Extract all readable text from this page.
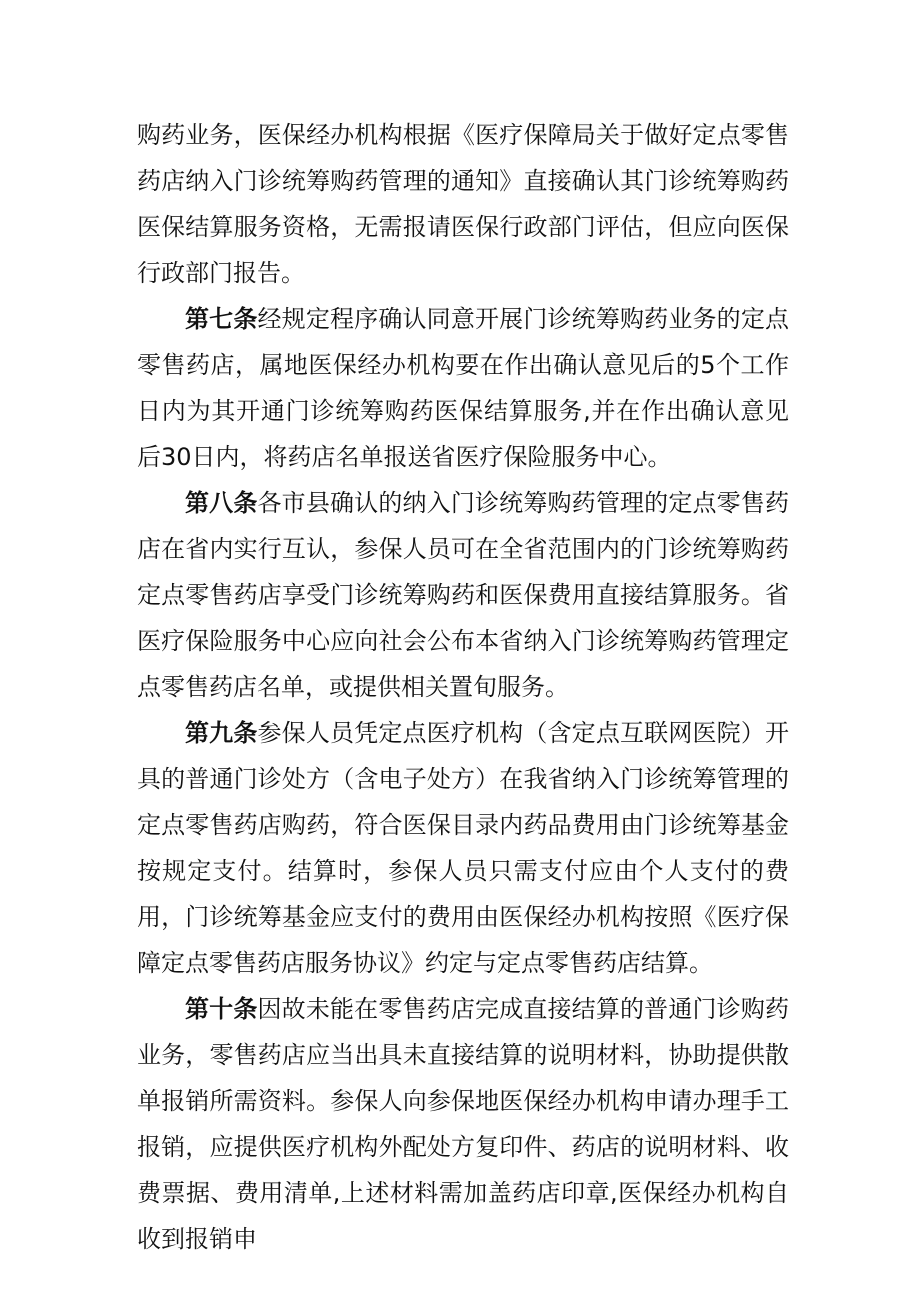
购药业务，医保经办机构根据《医疗保障局关于做好定点零售药店纳入门诊统筹购药管理的通知》直接确认其门诊统筹购药医保结算服务资格，无需报请医保行政部门评估，但应向医保行政部门报告。

第七条经规定程序确认同意开展门诊统筹购药业务的定点零售药店，属地医保经办机构要在作出确认意见后的5个工作日内为其开通门诊统筹购药医保结算服务,并在作出确认意见后30日内，将药店名单报送省医疗保险服务中心。

第八条各市县确认的纳入门诊统筹购药管理的定点零售药店在省内实行互认，参保人员可在全省范围内的门诊统筹购药定点零售药店享受门诊统筹购药和医保费用直接结算服务。省医疗保险服务中心应向社会公布本省纳入门诊统筹购药管理定点零售药店名单，或提供相关置旬服务。

第九条参保人员凭定点医疗机构（含定点互联网医院）开具的普通门诊处方（含电子处方）在我省纳入门诊统筹管理的定点零售药店购药，符合医保目录内药品费用由门诊统筹基金按规定支付。结算时，参保人员只需支付应由个人支付的费用，门诊统筹基金应支付的费用由医保经办机构按照《医疗保障定点零售药店服务协议》约定与定点零售药店结算。

第十条因故未能在零售药店完成直接结算的普通门诊购药业务，零售药店应当出具未直接结算的说明材料，协助提供散单报销所需资料。参保人向参保地医保经办机构申请办理手工报销，应提供医疗机构外配处方复印件、药店的说明材料、收费票据、费用清单,上述材料需加盖药店印章,医保经办机构自收到报销申
